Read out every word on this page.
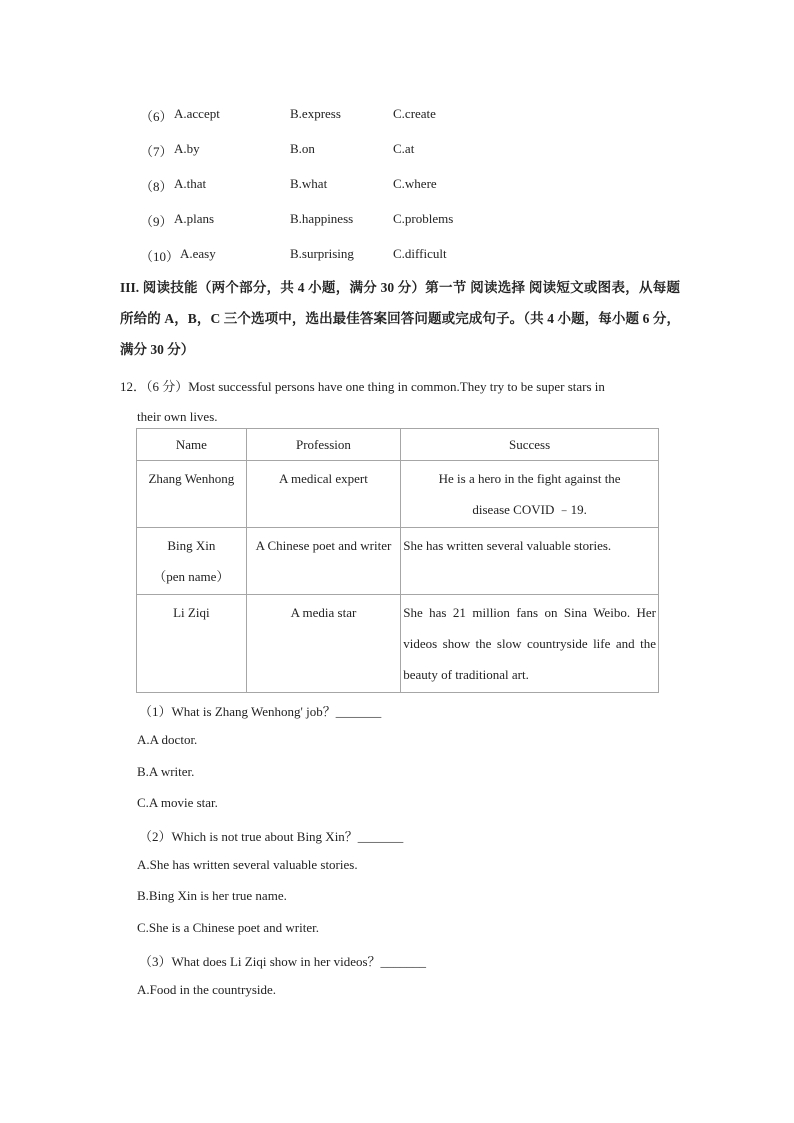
（6） A.accept	B.express	C.create
（7） A.by	B.on	C.at
（8） A.that	B.what	C.where
（9） A.plans	B.happiness	C.problems
（10） A.easy	B.surprising	C.difficult
III. 阅读技能（两个部分，共 4 小题，满分 30 分）第一节 阅读选择 阅读短文或图表，从每题所给的 A，B，C 三个选项中，选出最佳答案回答问题或完成句子。（共 4 小题，每小题 6 分，满分 30 分）
12．（6 分）Most successful persons have one thing in common.They try to be super stars in
their own lives.
Name	Profession	Success

Zhang Wenhong	A medical expert	He is a hero in the fight against the disease COVID ﹣19.

Bing Xin
（pen name）	A Chinese poet and writer	She has written several valuable stories.

Li Ziqi	A media star	She has 21 million fans on Sina Weibo. Her videos show the slow countryside life and the beauty of traditional art.
（1）What is Zhang Wenhong' job？_______
A.A doctor.
B.A writer.
C.A movie star.
（2）Which is not true about Bing Xin？_______
A.She has written several valuable stories.
B.Bing Xin is her true name.
C.She is a Chinese poet and writer.
（3）What does Li Ziqi show in her videos？_______
A.Food in the countryside.
